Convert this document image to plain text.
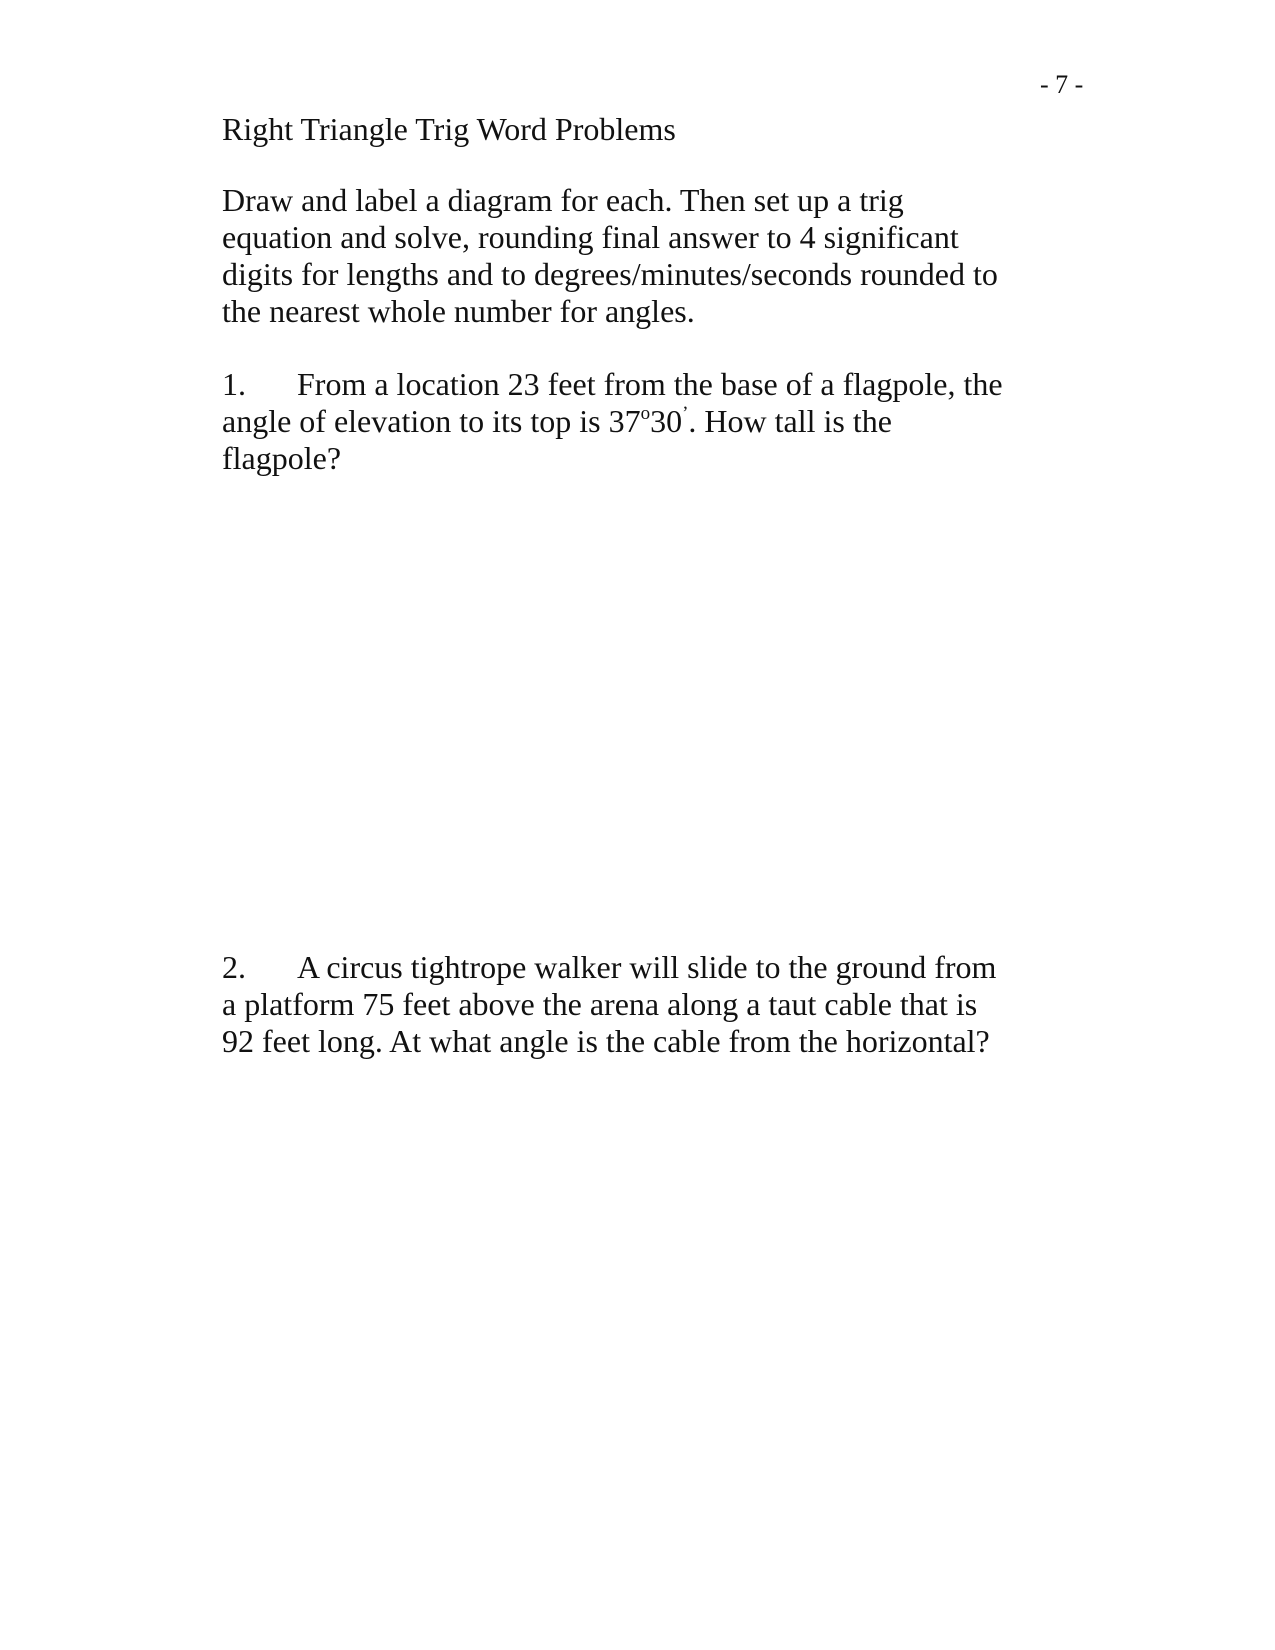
- 7 -
Right Triangle Trig Word Problems
Draw and label a diagram for each. Then set up a trig
equation and solve, rounding final answer to 4 significant
digits for lengths and to degrees/minutes/seconds rounded to
the nearest whole number for angles.
1. From a location 23 feet from the base of a flagpole, the
angle of elevation to its top is 37$^o$30’. How tall is the
flagpole?
2. A circus tightrope walker will slide to the ground from
a platform 75 feet above the arena along a taut cable that is
92 feet long. At what angle is the cable from the horizontal?
